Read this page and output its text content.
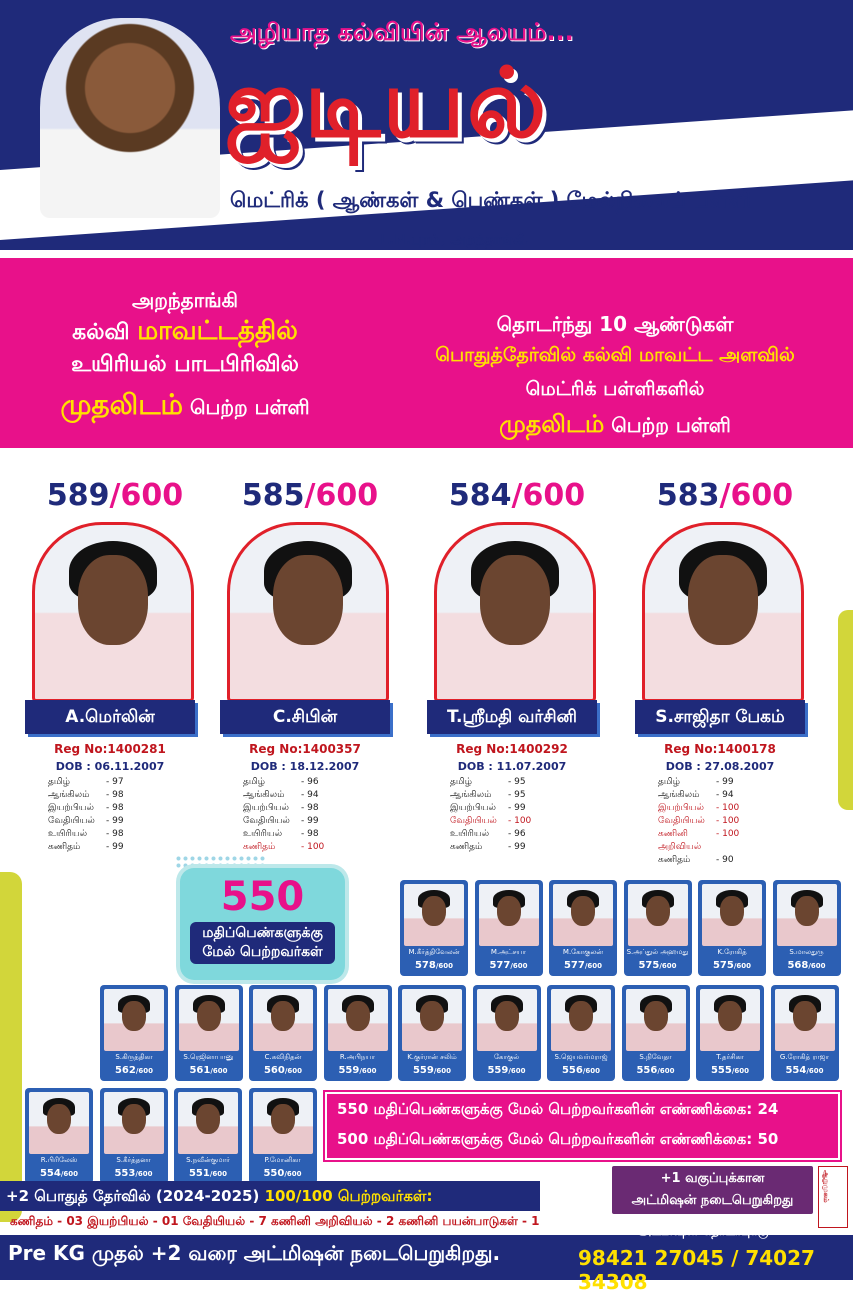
அழியாத கல்வியின் ஆலயம்...
ஐடியல்
மெட்ரிக் ( ஆண்கள் & பெண்கள் ) மேல்நிலைப் பள்ளி
L.N.புரம், அறந்தாங்கி.
அறந்தாங்கி
கல்வி மாவட்டத்தில்
உயிரியல் பாடபிரிவில்
முதலிடம் பெற்ற பள்ளி
தொடர்ந்து 10 ஆண்டுகள்
பொதுத்தேர்வில் கல்வி மாவட்ட அளவில்
மெட்ரிக் பள்ளிகளில்
முதலிடம் பெற்ற பள்ளி
589/600
A.மெர்லின்
Reg No:1400281
DOB : 06.11.2007
தமிழ்	- 97
ஆங்கிலம்	- 98
இயற்பியல்	- 98
வேதியியல்	- 99
உயிரியல்	- 98
கணிதம்	- 99
585/600
C.சிபின்
Reg No:1400357
DOB : 18.12.2007
தமிழ்	- 96
ஆங்கிலம்	- 94
இயற்பியல்	- 98
வேதியியல்	- 99
உயிரியல்	- 98
கணிதம்	- 100
584/600
T.ஸ்ரீமதி வர்சினி
Reg No:1400292
DOB : 11.07.2007
தமிழ்	- 95
ஆங்கிலம்	- 95
இயற்பியல்	- 99
வேதியியல்	- 100
உயிரியல்	- 96
கணிதம்	- 99
583/600
S.சாஜிதா பேகம்
Reg No:1400178
DOB : 27.08.2007
தமிழ்	- 99
ஆங்கிலம்	- 94
இயற்பியல்	- 100
வேதியியல்	- 100
கணினி அறிவியல்
- 100
கணிதம்	- 90
550
மதிப்பெண்களுக்கு
மேல் பெற்றவர்கள்	M.கீர்த்திவேலன்
578/600
M.அட்சயா
577/600
M.கோகுலன்
577/600
S.அப்துல் அஹமது
575/600
K.ரோகித்
575/600
S.மாலதுரு
568/600
S.கிருத்திகா
562/600
S.ரெஜினாபானு
561/600
C.கவிநிதன்
560/600
R.அபிநயா
559/600
K.குர்ரான் சலிம்
559/600
கோகுல்
559/600
S.ஜெயவர்மராஜ்
556/600
S.நிவேதா
556/600
T.தர்சிகா
555/600
G.ரோகித் ராஜா
554/600
R.பிரிலேஸ்
554/600
S.கீர்த்தனா
553/600
S.நவீன்குமார்
551/600
P.மோனிகா
550/600
550 மதிப்பெண்களுக்கு மேல் பெற்றவர்களின் எண்ணிக்கை: 24
500 மதிப்பெண்களுக்கு மேல் பெற்றவர்களின் எண்ணிக்கை: 50
+2 பொதுத் தேர்வில் (2024-2025) 100/100 பெற்றவர்கள்:
கணிதம் - 03 இயற்பியல் - 01 வேதியியல் - 7 கணினி அறிவியல் - 2 கணினி பயன்பாடுகள் - 1
+1 வகுப்புக்கான
அட்மிஷன் நடைபெறுகிறது	ஆறுமுகம்
அட்மிஷன் தொடர்புக்கு....
Pre KG முதல் +2 வரை அட்மிஷன் நடைபெறுகிறது.	98421 27045 / 74027 34308
